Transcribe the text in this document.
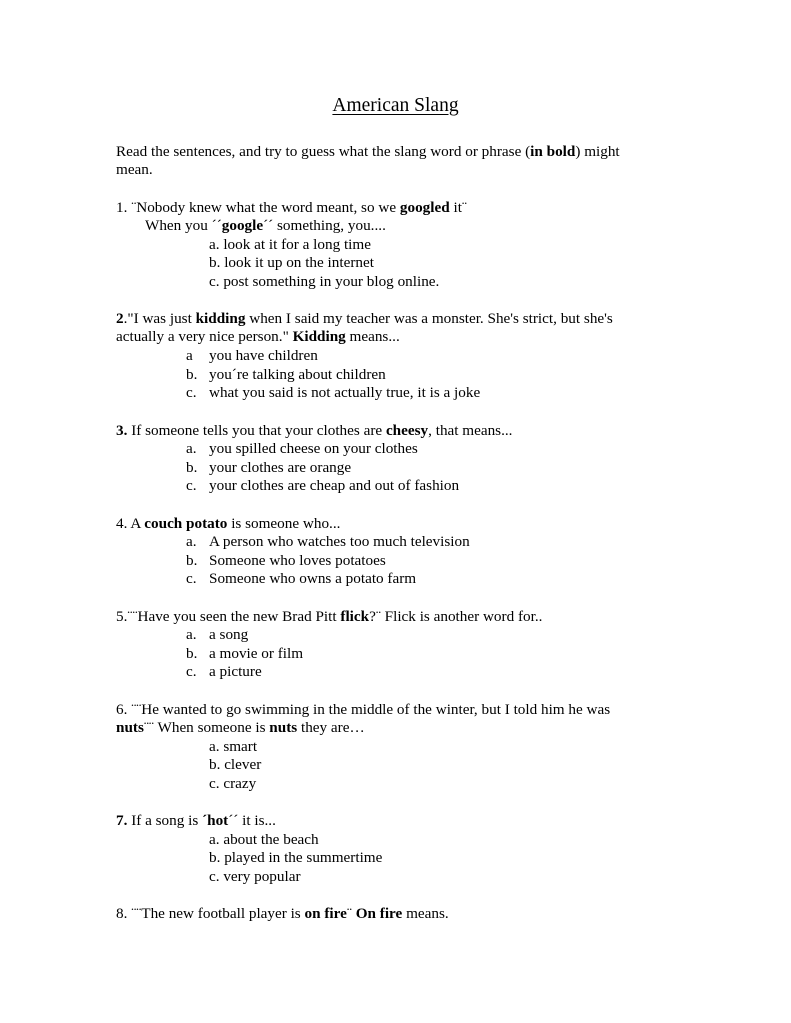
American Slang
Read the sentences, and try to guess what the slang word or phrase (in bold) might
mean.
1. ¨Nobody knew what the word meant, so we googled it¨
When you ´´google´´ something, you....
a. look at it for a long time
b. look it up on the internet
c. post something in your blog online.
2."I was just kidding when I said my teacher was a monster. She's strict, but she's
actually a very nice person." Kidding means...
a you have children
b. you´re talking about children
c. what you said is not actually true, it is a joke
3. If someone tells you that your clothes are cheesy, that means...
a. you spilled cheese on your clothes
b. your clothes are orange
c. your clothes are cheap and out of fashion
4. A couch potato is someone who...
a. A person who watches too much television
b. Someone who loves potatoes
c. Someone who owns a potato farm
5.¨¨Have you seen the new Brad Pitt flick?¨ Flick is another word for..
a. a song
b. a movie or film
c. a picture
6. ¨¨He wanted to go swimming in the middle of the winter, but I told him he was
nuts¨¨ When someone is nuts they are…
a. smart
b. clever
c. crazy
7. If a song is ´hot´´ it is...
a. about the beach
b. played in the summertime
c. very popular
8. ¨¨The new football player is on fire¨ On fire means.
